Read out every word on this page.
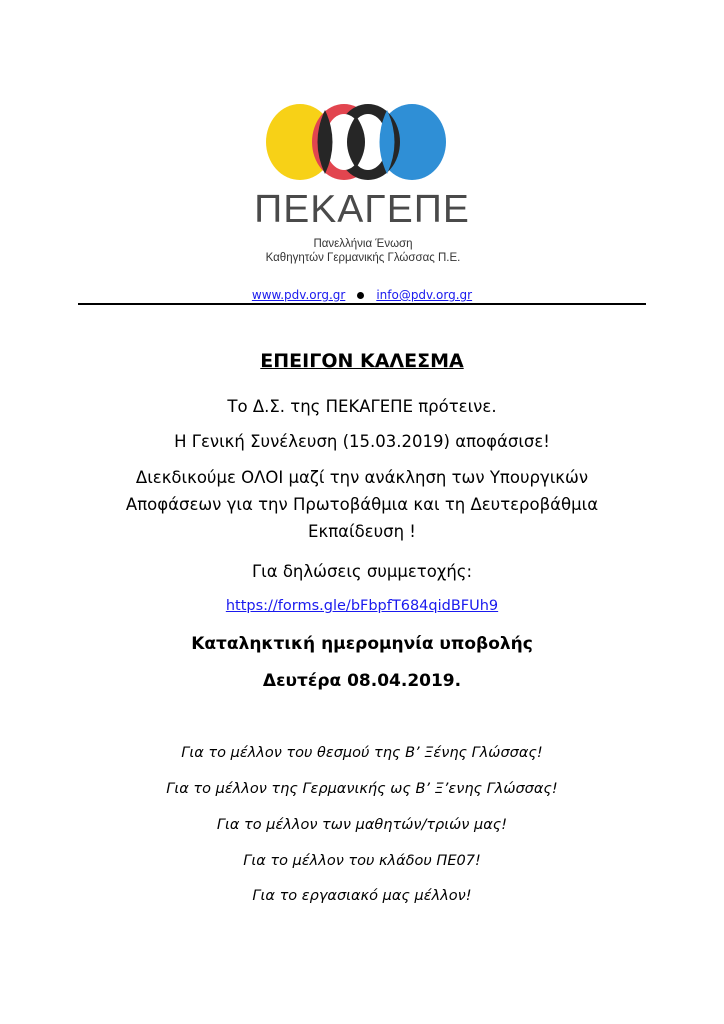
ΠΕΚΑΓΕΠΕ
Πανελλήνια Ένωση
Καθηγητών Γερμανικής Γλώσσας Π.Ε.
www.pdv.org.gr	info@pdv.org.gr
ΕΠΕΙΓΟΝ ΚΑΛΕΣΜΑ
Το Δ.Σ. της ΠΕΚΑΓΕΠΕ πρότεινε.
Η Γενική Συνέλευση (15.03.2019) αποφάσισε!
Διεκδικούμε ΟΛΟΙ μαζί την ανάκληση των Υπουργικών
Αποφάσεων για την Πρωτοβάθμια και τη Δευτεροβάθμια
Εκπαίδευση !
Για δηλώσεις συμμετοχής:
https://forms.gle/bFbpfT684qidBFUh9
Καταληκτική ημερομηνία υποβολής
Δευτέρα 08.04.2019.
Για το μέλλον του θεσμού της Β’ Ξένης Γλώσσας!
Για το μέλλον της Γερμανικής ως Β’ Ξ’ενης Γλώσσας!
Για το μέλλον των μαθητών/τριών μας!
Για το μέλλον του κλάδου ΠΕ07!
Για το εργασιακό μας μέλλον!
